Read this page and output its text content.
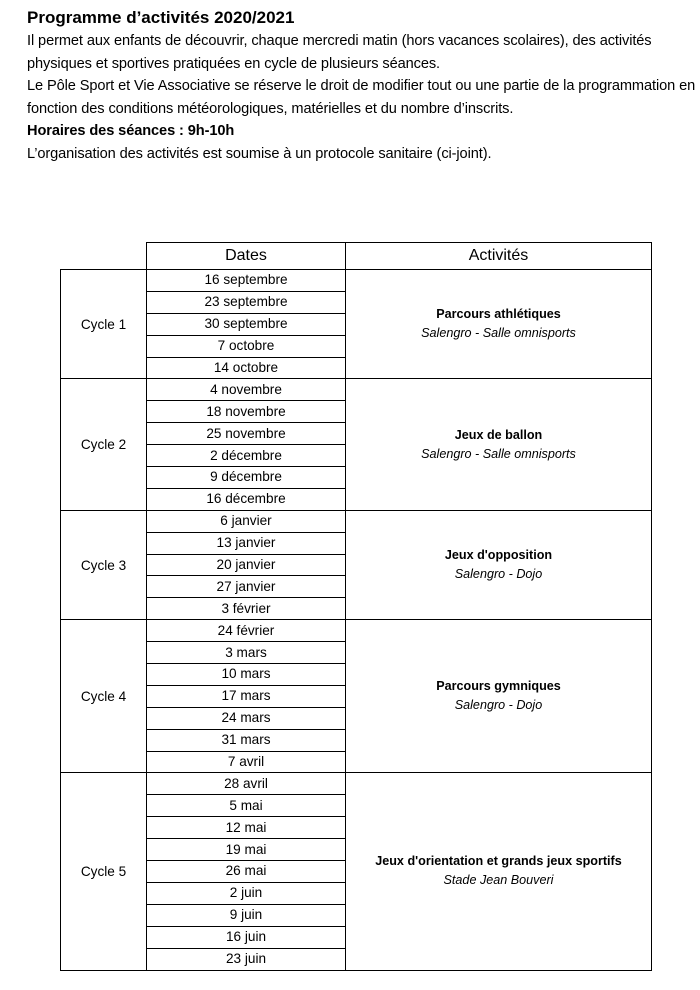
Programme d’activités 2020/2021

Il permet aux enfants de découvrir, chaque mercredi matin (hors vacances scolaires), des activités physiques et sportives pratiquées en cycle de plusieurs séances.

Le Pôle Sport et Vie Associative se réserve le droit de modifier tout ou une partie de la programmation en fonction des conditions météorologiques, matérielles et du nombre d’inscrits.

Horaires des séances : 9h-10h

L’organisation des activités est soumise à un protocole sanitaire (ci-joint).

	Dates	Activités
Cycle 1	16 septembre	Parcours athlétiques
Salengro - Salle omnisports

	23 septembre	
	30 septembre	
	7 octobre	
	14 octobre	
Cycle 2	4 novembre	Jeux de ballon
Salengro - Salle omnisports

	18 novembre	
	25 novembre	
	2 décembre	
	9 décembre	
	16 décembre	
Cycle 3	6 janvier	Jeux d'opposition
Salengro - Dojo

	13 janvier	
	20 janvier	
	27 janvier	
	3 février	
Cycle 4	24 février	Parcours gymniques
Salengro - Dojo

	3 mars	
	10 mars	
	17 mars	
	24 mars	
	31 mars	
	7 avril	
Cycle 5	28 avril	Jeux d'orientation et grands jeux sportifs
Stade Jean Bouveri

	5 mai	
	12 mai	
	19 mai	
	26 mai	
	2 juin	
	9 juin	
	16 juin	
	23 juin	
